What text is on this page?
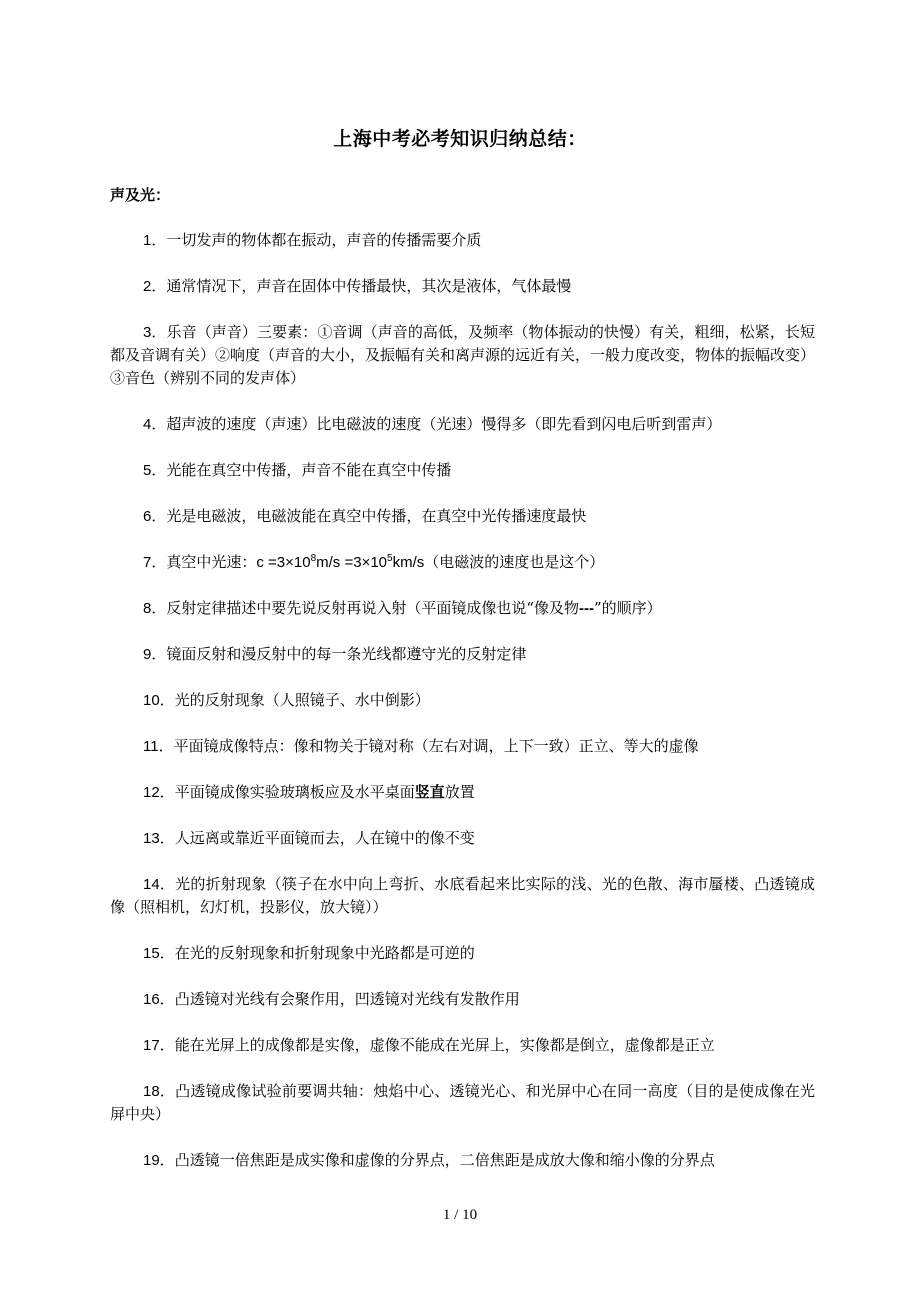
上海中考必考知识归纳总结：
声及光：

1．一切发声的物体都在振动，声音的传播需要介质

2．通常情况下，声音在固体中传播最快，其次是液体，气体最慢

3．乐音（声音）三要素：①音调（声音的高低，及频率（物体振动的快慢）有关，粗细，松紧，长短都及音调有关）②响度（声音的大小，及振幅有关和离声源的远近有关，一般力度改变，物体的振幅改变）③音色（辨别不同的发声体）

4．超声波的速度（声速）比电磁波的速度（光速）慢得多（即先看到闪电后听到雷声）

5．光能在真空中传播，声音不能在真空中传播

6．光是电磁波，电磁波能在真空中传播，在真空中光传播速度最快

7．真空中光速：$c =3\times 10^8m/s =3\times 10^5km/s$（电磁波的速度也是这个）

8．反射定律描述中要先说反射再说入射（平面镜成像也说“像及物---”的顺序）

9．镜面反射和漫反射中的每一条光线都遵守光的反射定律

10．光的反射现象（人照镜子、水中倒影）

11．平面镜成像特点：像和物关于镜对称（左右对调，上下一致）正立、等大的虚像

12．平面镜成像实验玻璃板应及水平桌面竖直放置

13．人远离或靠近平面镜而去，人在镜中的像不变

14．光的折射现象（筷子在水中向上弯折、水底看起来比实际的浅、光的色散、海市蜃楼、凸透镜成像（照相机，幻灯机，投影仪，放大镜））

15．在光的反射现象和折射现象中光路都是可逆的

16．凸透镜对光线有会聚作用，凹透镜对光线有发散作用

17．能在光屏上的成像都是实像，虚像不能成在光屏上，实像都是倒立，虚像都是正立

18．凸透镜成像试验前要调共轴：烛焰中心、透镜光心、和光屏中心在同一高度（目的是使成像在光屏中央）

19．凸透镜一倍焦距是成实像和虚像的分界点，二倍焦距是成放大像和缩小像的分界点

1 / 10
